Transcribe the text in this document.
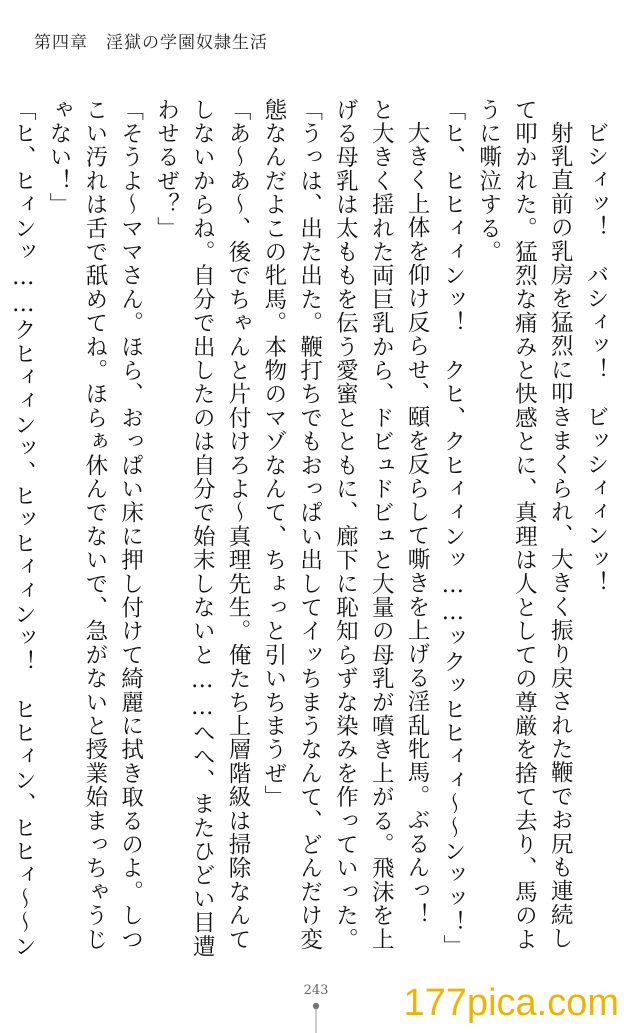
第四章　淫獄の学園奴隷生活

ビシィッ！　バシィッ！　ビッシィィンッ！

射乳直前の乳房を猛烈に叩きまくられ、大きく振り戻された鞭でお尻も連続して叩かれた。猛烈な痛みと快感とに、真理は人としての尊厳を捨て去り、馬のように嘶泣する。

「ヒ、ヒヒィィンッ！　クヒ、クヒィィンッ……ックッヒヒィィ〜〜ンッッ！」

大きく上体を仰け反らせ、頤を反らして嘶きを上げる淫乱牝馬。ぶるんっ！　と大きく揺れた両巨乳から、ドビュドビュと大量の母乳が噴き上がる。飛沫を上げる母乳は太ももを伝う愛蜜とともに、廊下に恥知らずな染みを作っていった。

「うっは、出た出た。鞭打ちでもおっぱい出してイッちまうなんて、どんだけ変態なんだよこの牝馬。本物のマゾなんて、ちょっと引いちまうぜ」

「あ〜あ〜、後でちゃんと片付けろよ〜真理先生。俺たち上層階級は掃除なんてしないからね。自分で出したのは自分で始末しないと……へへ、またひどい目遭わせるぜ？」

「そうよ〜ママさん。ほら、おっぱい床に押し付けて綺麗に拭き取るのよ。しつこい汚れは舌で舐めてね。ほらぁ休んでないで、急がないと授業始まっちゃうじゃない！」

「ヒ、ヒィンッ……クヒィィンッ、ヒッヒィィンッ！　ヒヒィン、ヒヒィ〜〜ン

243 177pica.com
